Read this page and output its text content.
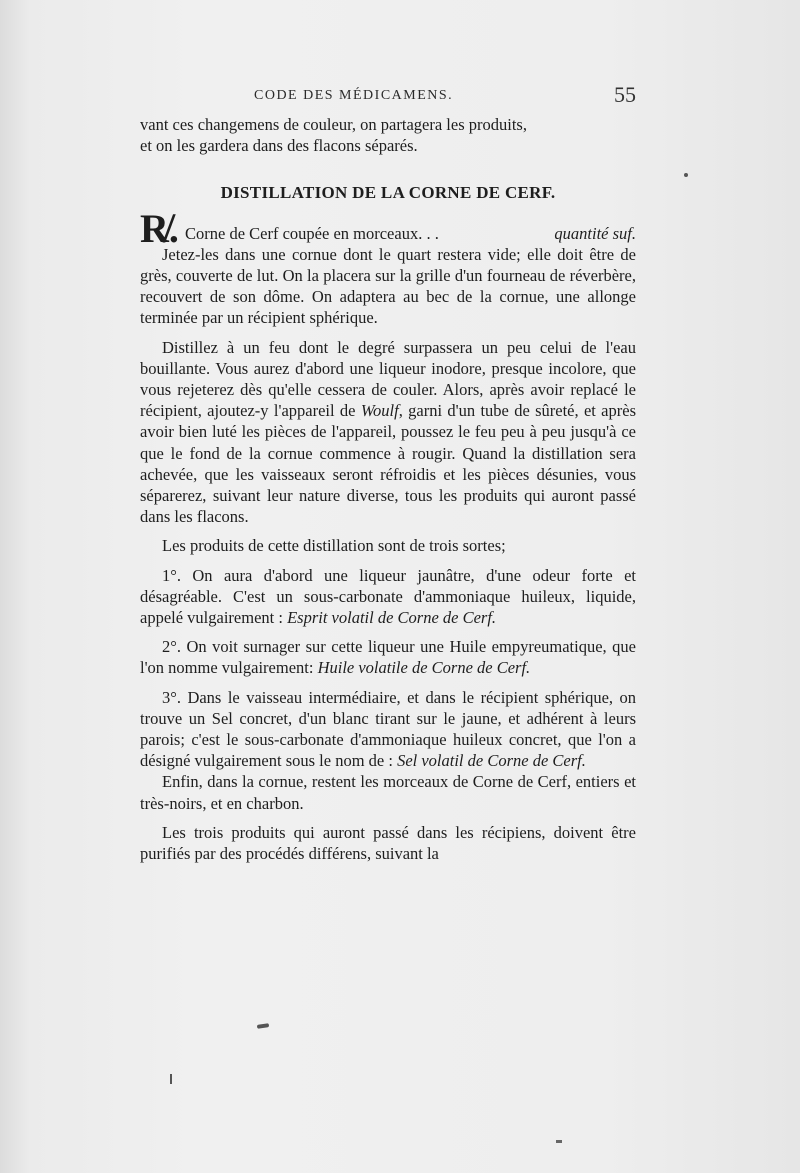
CODE DES MÉDICAMENS.	55

vant ces changemens de couleur, on partagera les produits,

et on les gardera dans des flacons séparés.

DISTILLATION DE LA CORNE DE CERF.

R̸. Corne de Cerf coupée en morceaux. . .	quantité suf.

Jetez-les dans une cornue dont le quart restera vide; elle doit être de grès, couverte de lut. On la placera sur la grille d'un fourneau de réverbère, recouvert de son dôme. On adaptera au bec de la cornue, une allonge terminée par un récipient sphérique.

Distillez à un feu dont le degré surpassera un peu celui de l'eau bouillante. Vous aurez d'abord une liqueur inodore, presque incolore, que vous rejeterez dès qu'elle cessera de couler. Alors, après avoir replacé le récipient, ajoutez-y l'appareil de Woulf, garni d'un tube de sûreté, et après avoir bien luté les pièces de l'appareil, poussez le feu peu à peu jusqu'à ce que le fond de la cornue commence à rougir. Quand la distillation sera achevée, que les vaisseaux seront réfroidis et les pièces désunies, vous séparerez, suivant leur nature diverse, tous les produits qui auront passé dans les flacons.

Les produits de cette distillation sont de trois sortes;

1°. On aura d'abord une liqueur jaunâtre, d'une odeur forte et désagréable. C'est un sous-carbonate d'ammoniaque huileux, liquide, appelé vulgairement : Esprit volatil de Corne de Cerf.

2°. On voit surnager sur cette liqueur une Huile empyreumatique, que l'on nomme vulgairement: Huile volatile de Corne de Cerf.

3°. Dans le vaisseau intermédiaire, et dans le récipient sphérique, on trouve un Sel concret, d'un blanc tirant sur le jaune, et adhérent à leurs parois; c'est le sous-carbonate d'ammoniaque huileux concret, que l'on a désigné vulgairement sous le nom de : Sel volatil de Corne de Cerf.

Enfin, dans la cornue, restent les morceaux de Corne de Cerf, entiers et très-noirs, et en charbon.

Les trois produits qui auront passé dans les récipiens, doivent être purifiés par des procédés différens, suivant la
